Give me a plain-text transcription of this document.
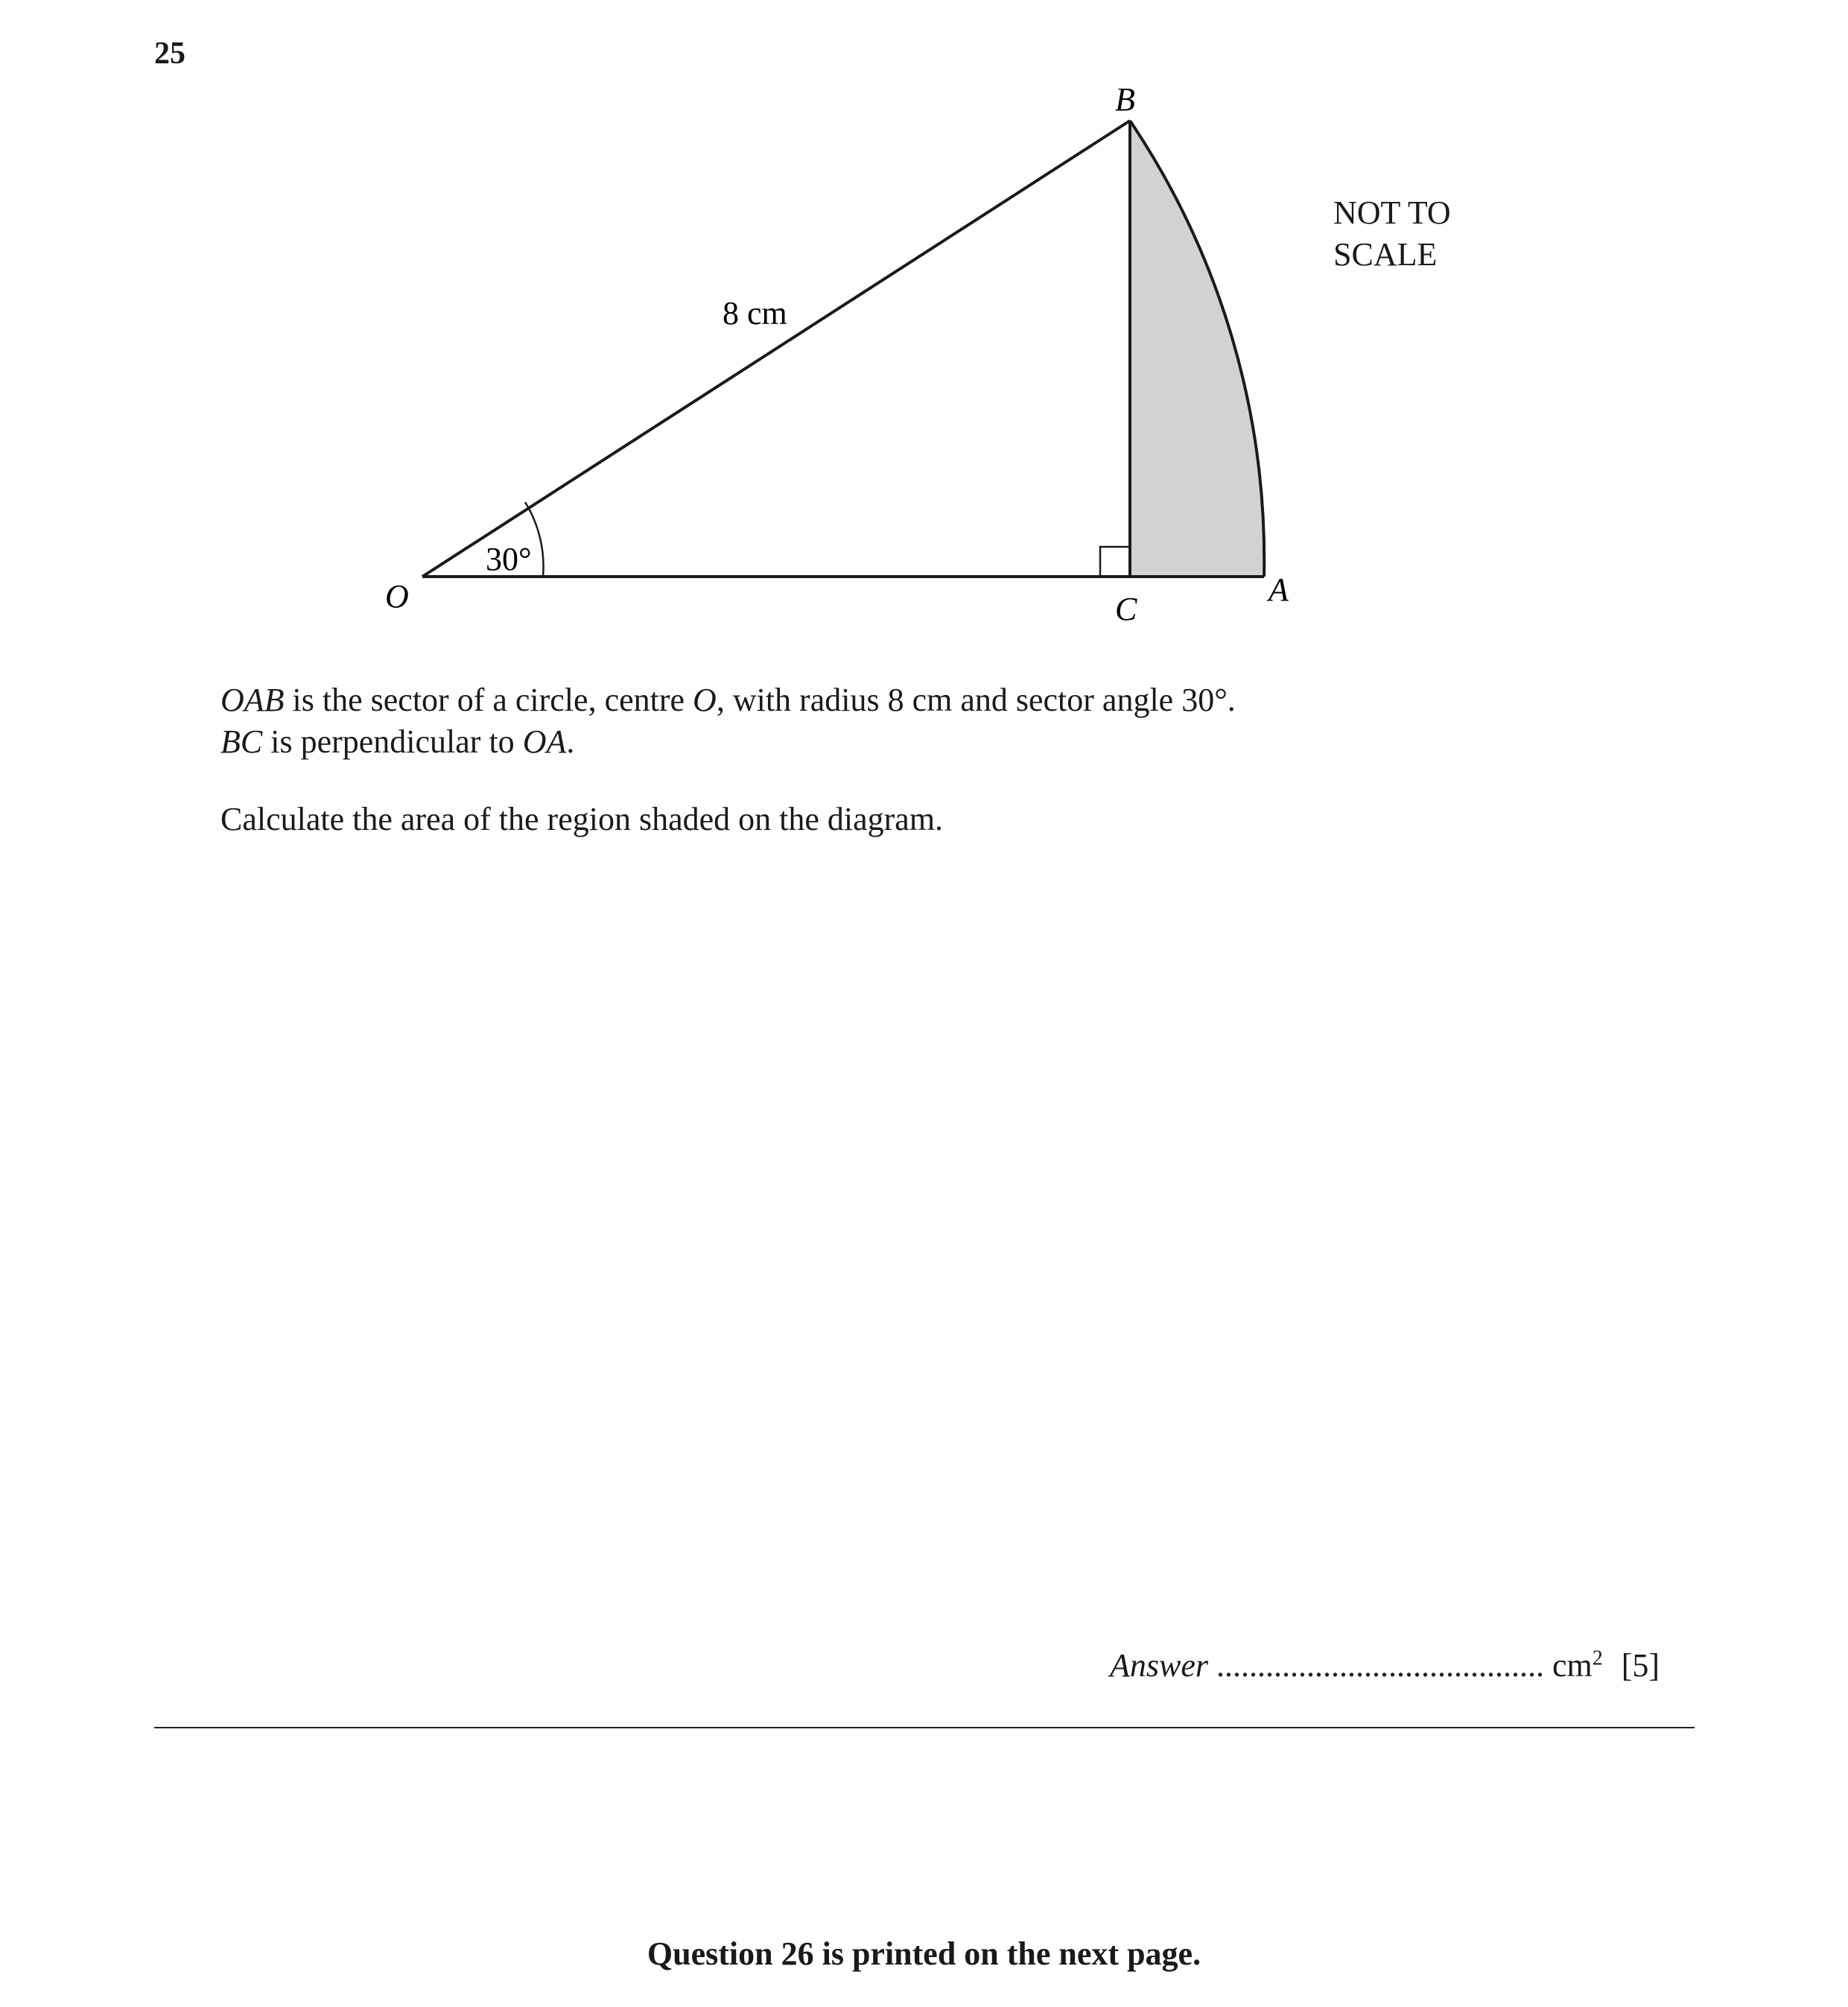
25
B
O	C
A
8 cm
30°
NOT TO
SCALE
OAB is the sector of a circle, centre O, with radius 8 cm and sector angle 30°.
BC is perpendicular to OA.
Calculate the area of the region shaded on the diagram.
Answer ........................................ $cm^2$ [5]
Question 26 is printed on the next page.
